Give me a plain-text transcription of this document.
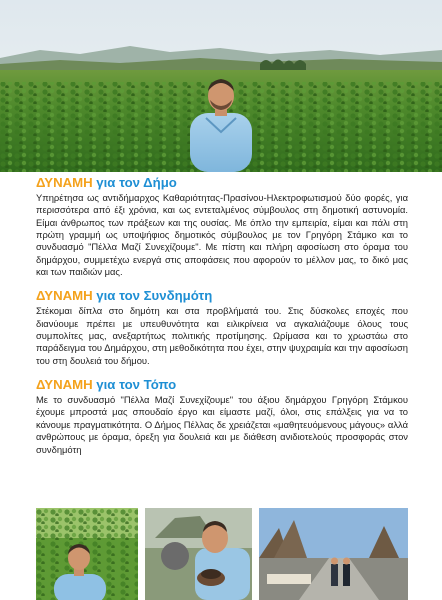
ΔΥΝΑΜΗ για τον Δήμο

Υπηρέτησα ως αντιδήμαρχος Καθαριότητας-Πρασίνου-Ηλεκτροφωτισμού δύο φορές, για περισσότερα από έξι χρόνια, και ως εντεταλμένος σύμβουλος στη δημοτική αστυνομία. Είμαι άνθρωπος των πράξεων και της ουσίας. Με όπλο την εμπειρία, είμαι και πάλι στη πρώτη γραμμή ως υποψήφιος δημοτικός σύμβουλος με τον Γρηγόρη Στάμκο και το συνδυασμό "Πέλλα Μαζί Συνεχίζουμε". Με πίστη και πλήρη αφοσίωση στο όραμα του δημάρχου, συμμετέχω ενεργά στις αποφάσεις που αφορούν το μέλλον μας, το δικό μας και των παιδιών μας.

ΔΥΝΑΜΗ για τον Συνδημότη

Στέκομαι δίπλα στο δημότη και στα προβλήματά του. Στις δύσκολες εποχές που διανύουμε πρέπει με υπευθυνότητα και ειλικρίνεια να αγκαλιάζουμε όλους τους συμπολίτες μας, ανεξαρτήτως πολιτικής προτίμησης. Ωρίμασα και το χρωστάω στο παράδειγμα του Δημάρχου, στη μεθοδικότητα που έχει, στην ψυχραιμία και την αφοσίωση του στη δουλειά του δήμου.

ΔΥΝΑΜΗ για τον Τόπο

Με το συνδυασμό "Πέλλα Μαζί Συνεχίζουμε" του άξιου δημάρχου Γρηγόρη Στάμκου έχουμε μπροστά μας σπουδαίο έργο και είμαστε μαζί, όλοι, στις επάλξεις για να το κάνουμε πραγματικότητα. Ο Δήμος Πέλλας δε χρειάζεται «μαθητευόμενους μάγους» αλλά ανθρώπους με όραμα, όρεξη για δουλειά και με διάθεση ανιδιοτελούς προσφοράς στον συνδημότη
